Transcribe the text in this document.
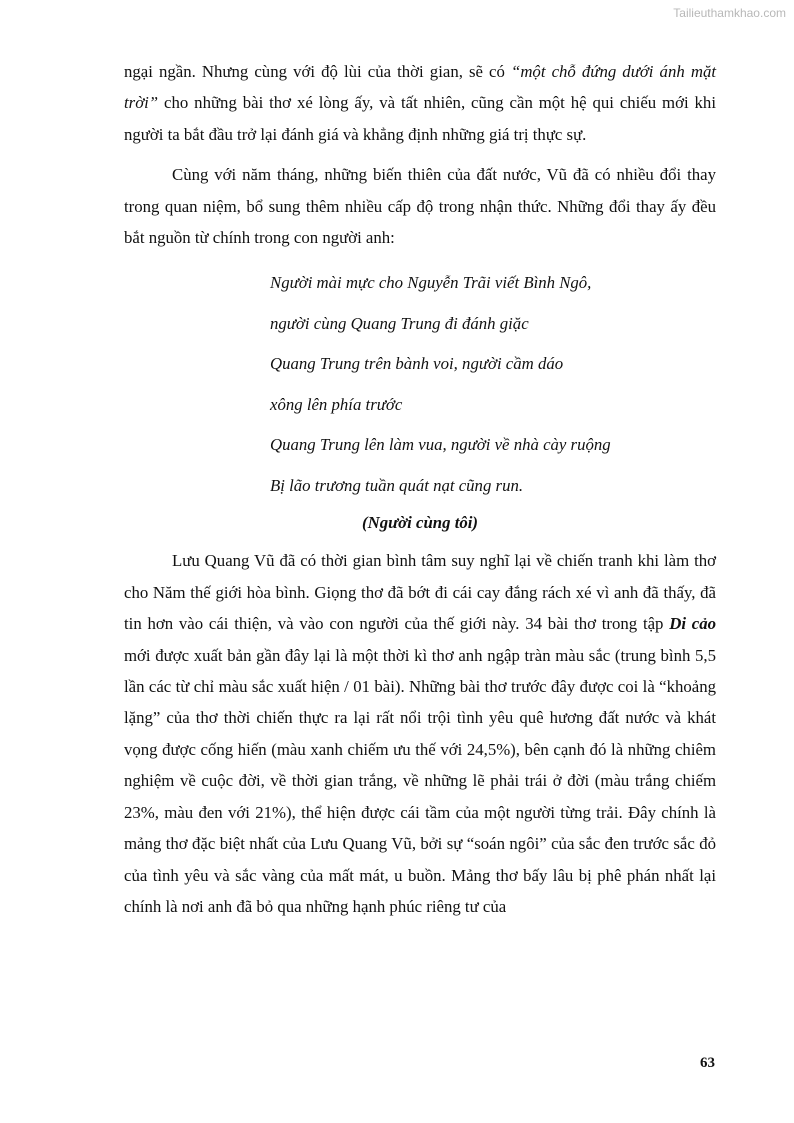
Tailieuthamkhao.com

ngại ngần. Nhưng cùng với độ lùi của thời gian, sẽ có “một chỗ đứng dưới ánh mặt trời” cho những bài thơ xé lòng ấy, và tất nhiên, cũng cần một hệ qui chiếu mới khi người ta bắt đầu trở lại đánh giá và khẳng định những giá trị thực sự.

Cùng với năm tháng, những biến thiên của đất nước, Vũ đã có nhiều đổi thay trong quan niệm, bổ sung thêm nhiều cấp độ trong nhận thức. Những đổi thay ấy đều bắt nguồn từ chính trong con người anh:

Người mài mực cho Nguyễn Trãi viết Bình Ngô,
người cùng Quang Trung đi đánh giặc
Quang Trung trên bành voi, người cầm dáo
xông lên phía trước
Quang Trung lên làm vua, người về nhà cày ruộng
Bị lão trương tuần quát nạt cũng run.
(Người cùng tôi)

Lưu Quang Vũ đã có thời gian bình tâm suy nghĩ lại về chiến tranh khi làm thơ cho Năm thế giới hòa bình. Giọng thơ đã bớt đi cái cay đắng rách xé vì anh đã thấy, đã tin hơn vào cái thiện, và vào con người của thế giới này. 34 bài thơ trong tập Di cảo mới được xuất bản gần đây lại là một thời kì thơ anh ngập tràn màu sắc (trung bình 5,5 lần các từ chỉ màu sắc xuất hiện / 01 bài). Những bài thơ trước đây được coi là “khoảng lặng” của thơ thời chiến thực ra lại rất nổi trội tình yêu quê hương đất nước và khát vọng được cống hiến (màu xanh chiếm ưu thế với 24,5%), bên cạnh đó là những chiêm nghiệm về cuộc đời, về thời gian trắng, về những lẽ phải trái ở đời (màu trắng chiếm 23%, màu đen với 21%), thể hiện được cái tầm của một người từng trải. Đây chính là mảng thơ đặc biệt nhất của Lưu Quang Vũ, bởi sự “soán ngôi” của sắc đen trước sắc đỏ của tình yêu và sắc vàng của mất mát, u buồn. Mảng thơ bấy lâu bị phê phán nhất lại chính là nơi anh đã bỏ qua những hạnh phúc riêng tư của

63
